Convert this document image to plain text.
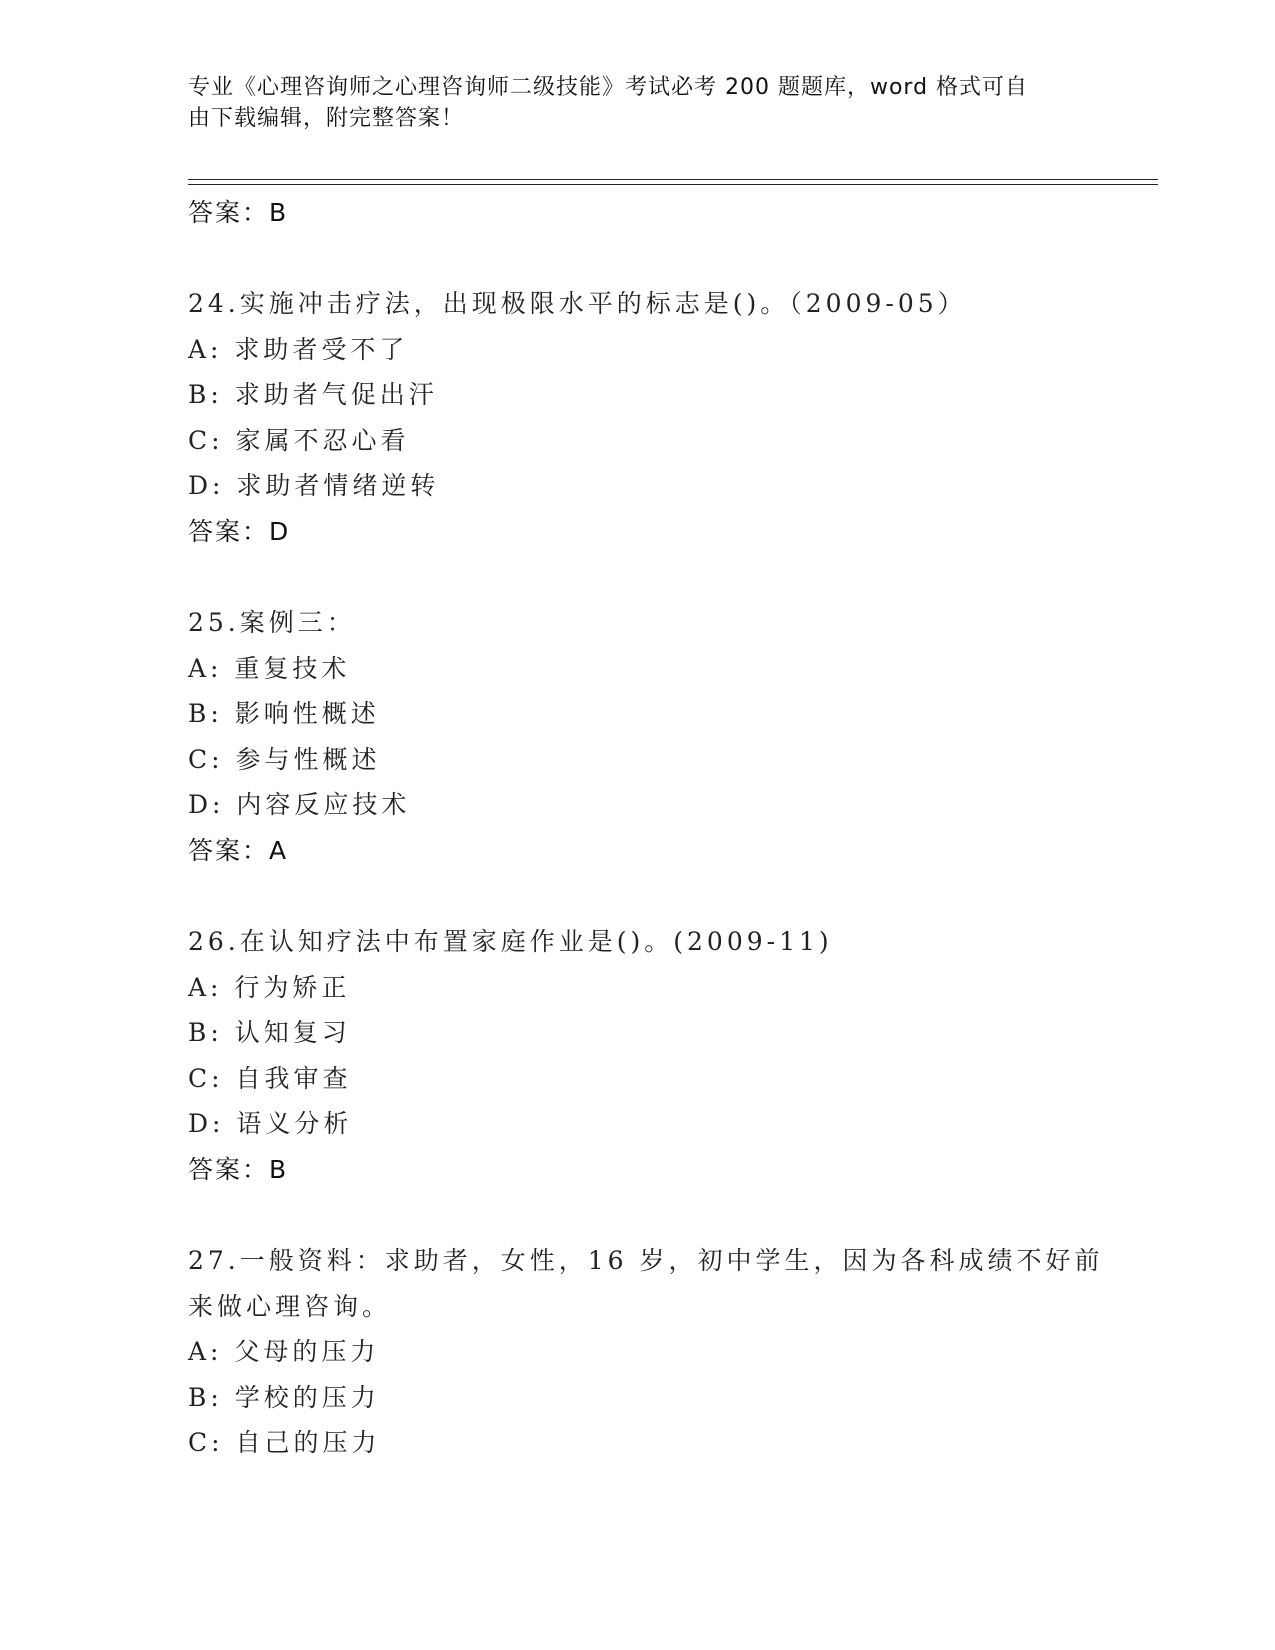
专业《心理咨询师之心理咨询师二级技能》考试必考 200 题题库，word 格式可自
由下载编辑，附完整答案！
答案：B
24.实施冲击疗法，出现极限水平的标志是()。（2009-05）
A: 求助者受不了
B: 求助者气促出汗
C: 家属不忍心看
D: 求助者情绪逆转
答案：D
25.案例三：
A: 重复技术
B: 影响性概述
C: 参与性概述
D: 内容反应技术
答案：A
26.在认知疗法中布置家庭作业是()。(2009-11)
A: 行为矫正
B: 认知复习
C: 自我审查
D: 语义分析
答案：B
27.一般资料：求助者，女性，16 岁，初中学生，因为各科成绩不好前
来做心理咨询。
A: 父母的压力
B: 学校的压力
C: 自己的压力
